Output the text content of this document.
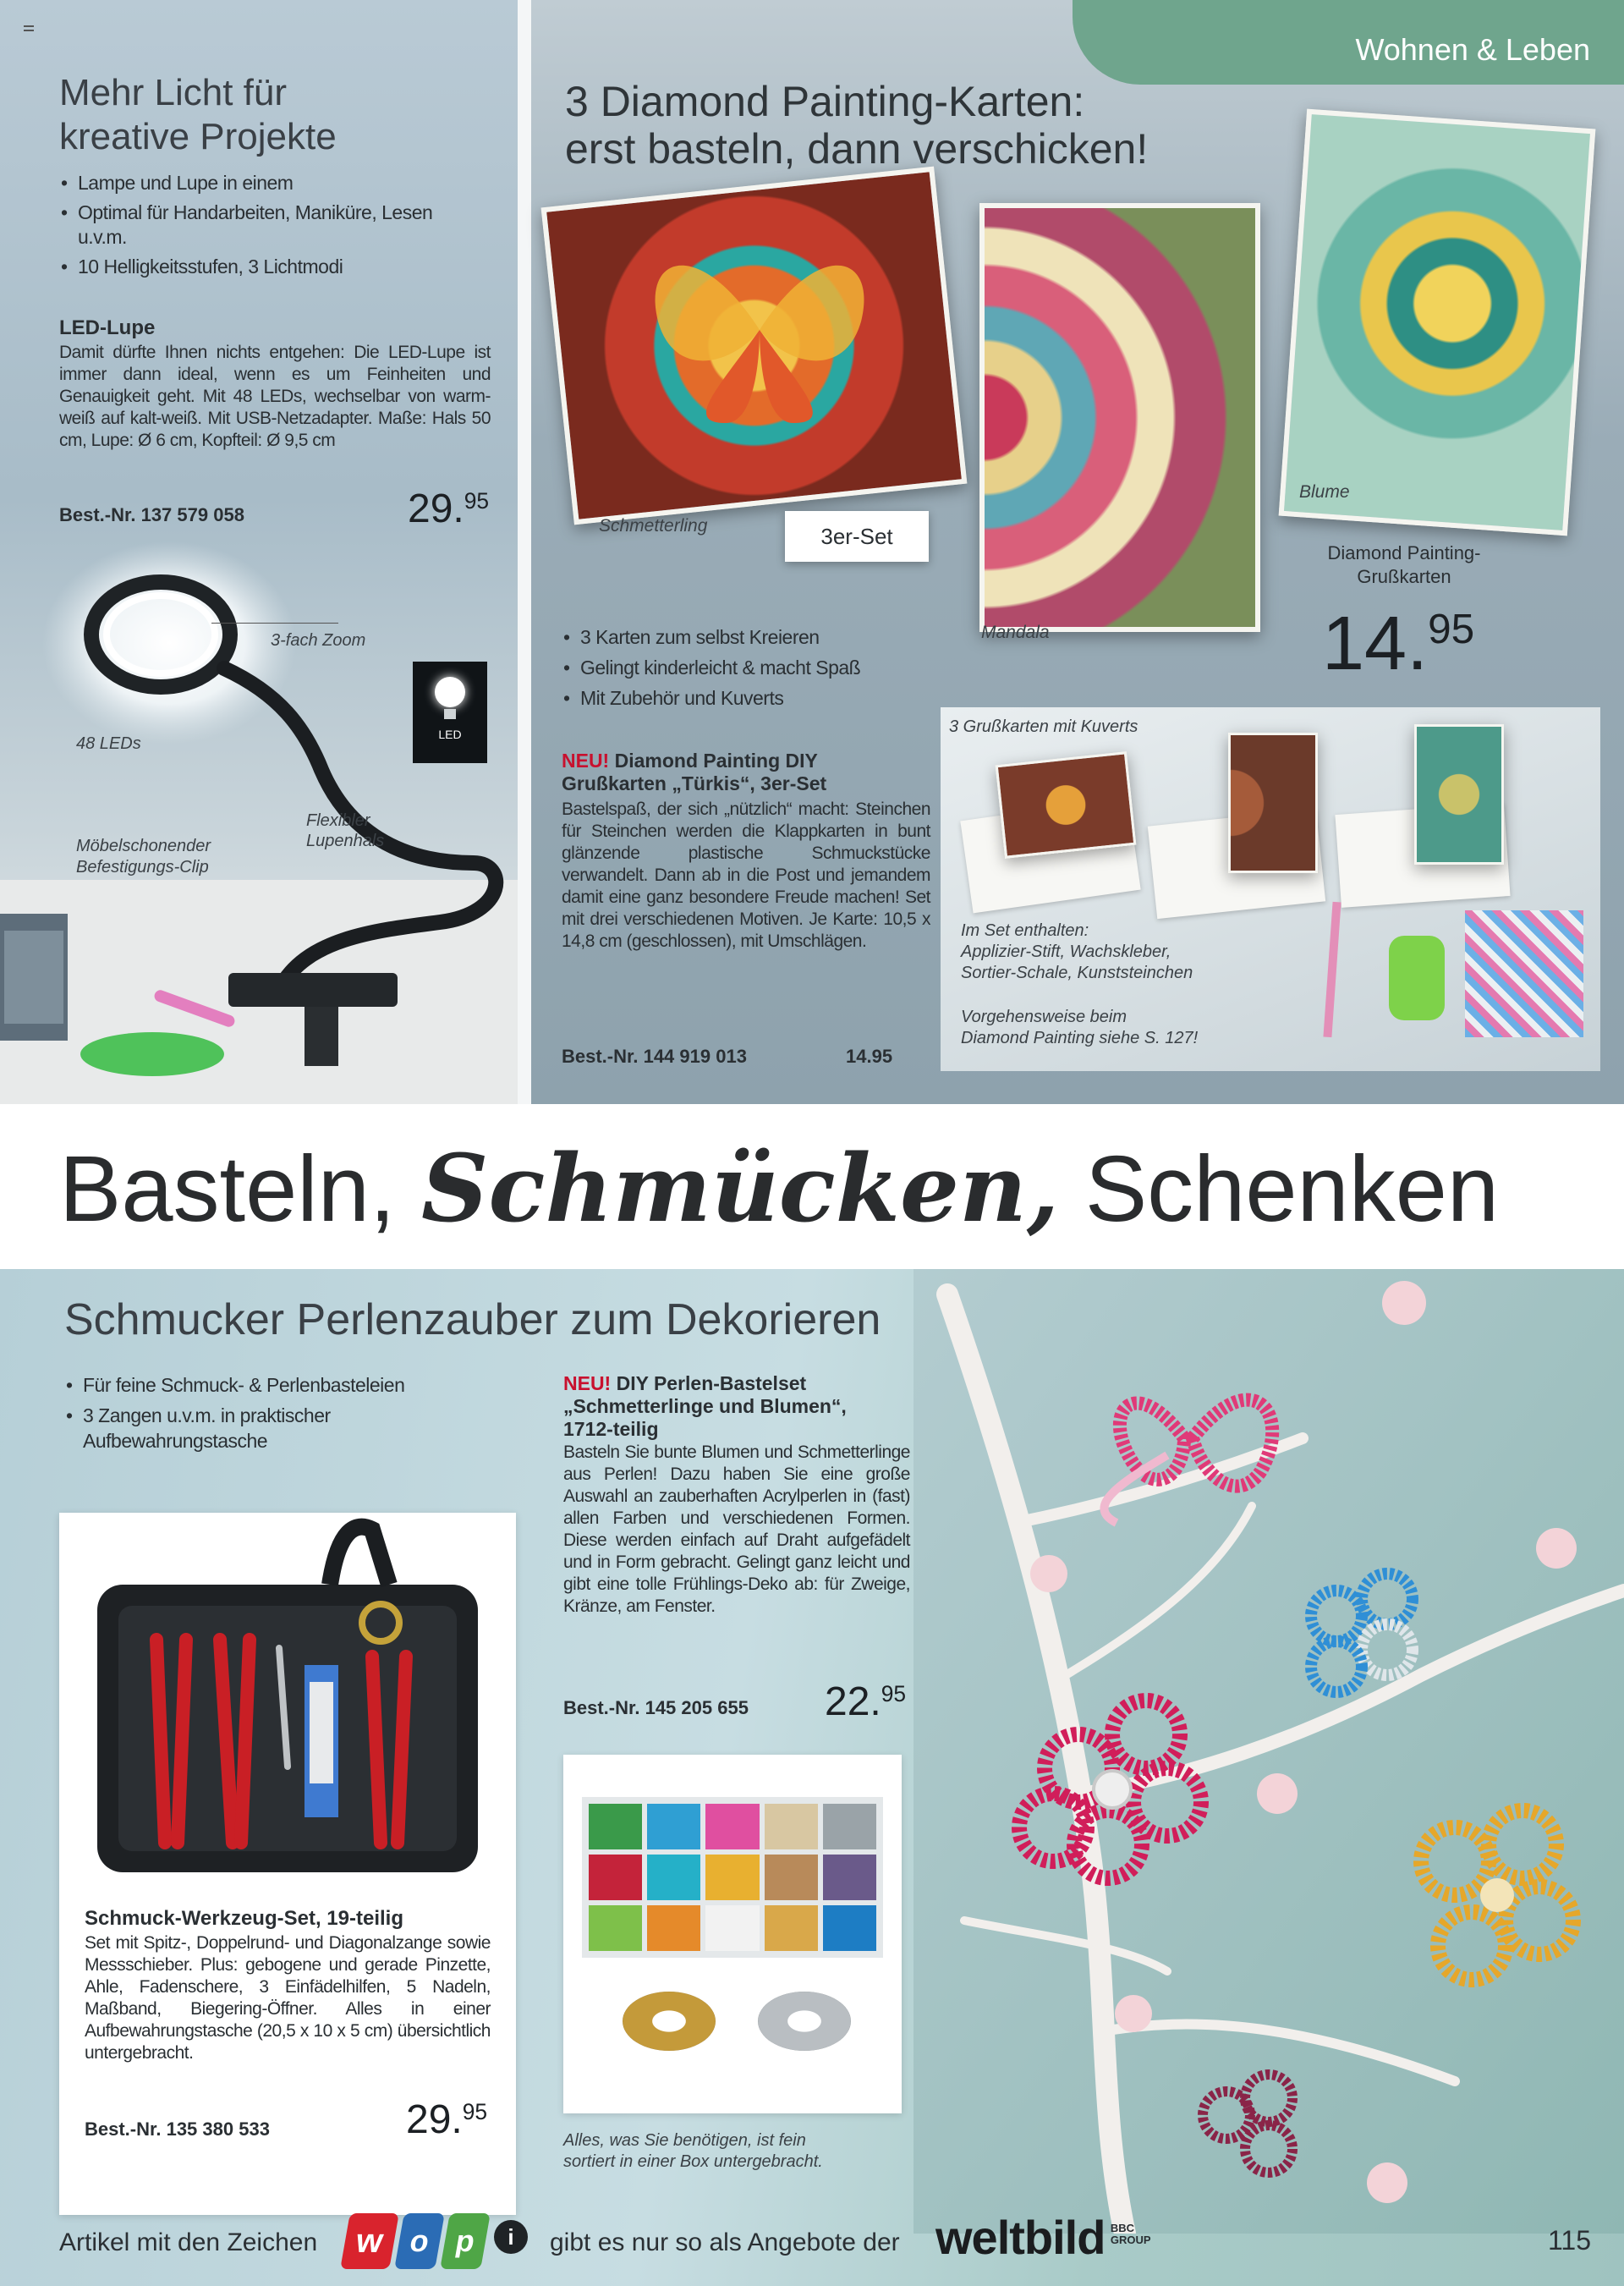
Mehr Licht für
kreative Projekte
• Lampe und Lupe in einem
• Optimal für Handarbeiten, Maniküre, Lesen u.v.m.
• 10 Helligkeitsstufen, 3 Lichtmodi
LED-Lupe
Damit dürfte Ihnen nichts entgehen: Die LED-Lupe ist immer dann ideal, wenn es um Feinheiten und Genauigkeit geht. Mit 48 LEDs, wechselbar von warm-weiß auf kalt-weiß. Mit USB-Netzadapter. Maße: Hals 50 cm, Lupe: Ø 6 cm, Kopfteil: Ø 9,5 cm
Best.-Nr. 137 579 058	29.95
LED
3-fach Zoom
48 LEDs
Flexibler Lupenhals
Möbelschonender Befestigungs-Clip
Wohnen & Leben
3 Diamond Painting-Karten:
erst basteln, dann verschicken!
Schmetterling
Mandala
Blume
3er-Set
Diamond Painting-
Grußkarten
14.95
• 3 Karten zum selbst Kreieren
• Gelingt kinderleicht & macht Spaß
• Mit Zubehör und Kuverts
NEU! Diamond Painting DIY Grußkarten „Türkis“, 3er-Set
Bastelspaß, der sich „nützlich“ macht: Steinchen für Steinchen werden die Klappkarten in bunt glänzende plastische Schmuckstücke verwandelt. Dann ab in die Post und jemandem damit eine ganz besondere Freude machen! Set mit drei verschiedenen Motiven. Je Karte: 10,5 x 14,8 cm (geschlossen), mit Umschlägen.
Best.-Nr. 144 919 013	14.95
3 Grußkarten mit Kuverts
Im Set enthalten:
Applizier-Stift, Wachskleber,
Sortier-Schale, Kunststeinchen
Vorgehensweise beim
Diamond Painting siehe S. 127!
Basteln, Schmücken, Schenken
Schmucker Perlenzauber zum Dekorieren
• Für feine Schmuck- & Perlenbasteleien
• 3 Zangen u.v.m. in praktischer Aufbewahrungstasche
Schmuck-Werkzeug-Set, 19-teilig
Set mit Spitz-, Doppelrund- und Diagonalzange sowie Messschieber. Plus: gebogene und gerade Pinzette, Ahle, Fadenschere, 3 Einfädelhilfen, 5 Nadeln, Maßband, Biegering-Öffner. Alles in einer Aufbewahrungstasche (20,5 x 10 x 5 cm) übersichtlich untergebracht.
Best.-Nr. 135 380 533	29.95
NEU! DIY Perlen-Bastelset
„Schmetterlinge und Blumen“,
1712-teilig
Basteln Sie bunte Blumen und Schmetterlinge aus Perlen! Dazu haben Sie eine große Auswahl an zauberhaften Acrylperlen in (fast) allen Farben und verschiedenen Formen. Diese werden einfach auf Draht aufgefädelt und in Form gebracht. Gelingt ganz leicht und gibt eine tolle Frühlings-Deko ab: für Zweige, Kränze, am Fenster.
Best.-Nr. 145 205 655 22.95
Alles, was Sie benötigen, ist fein
sortiert in einer Box untergebracht.
Artikel mit den Zeichen	w o p	i	gibt es nur so als Angebote der weltbild BBC
GROUP	115
